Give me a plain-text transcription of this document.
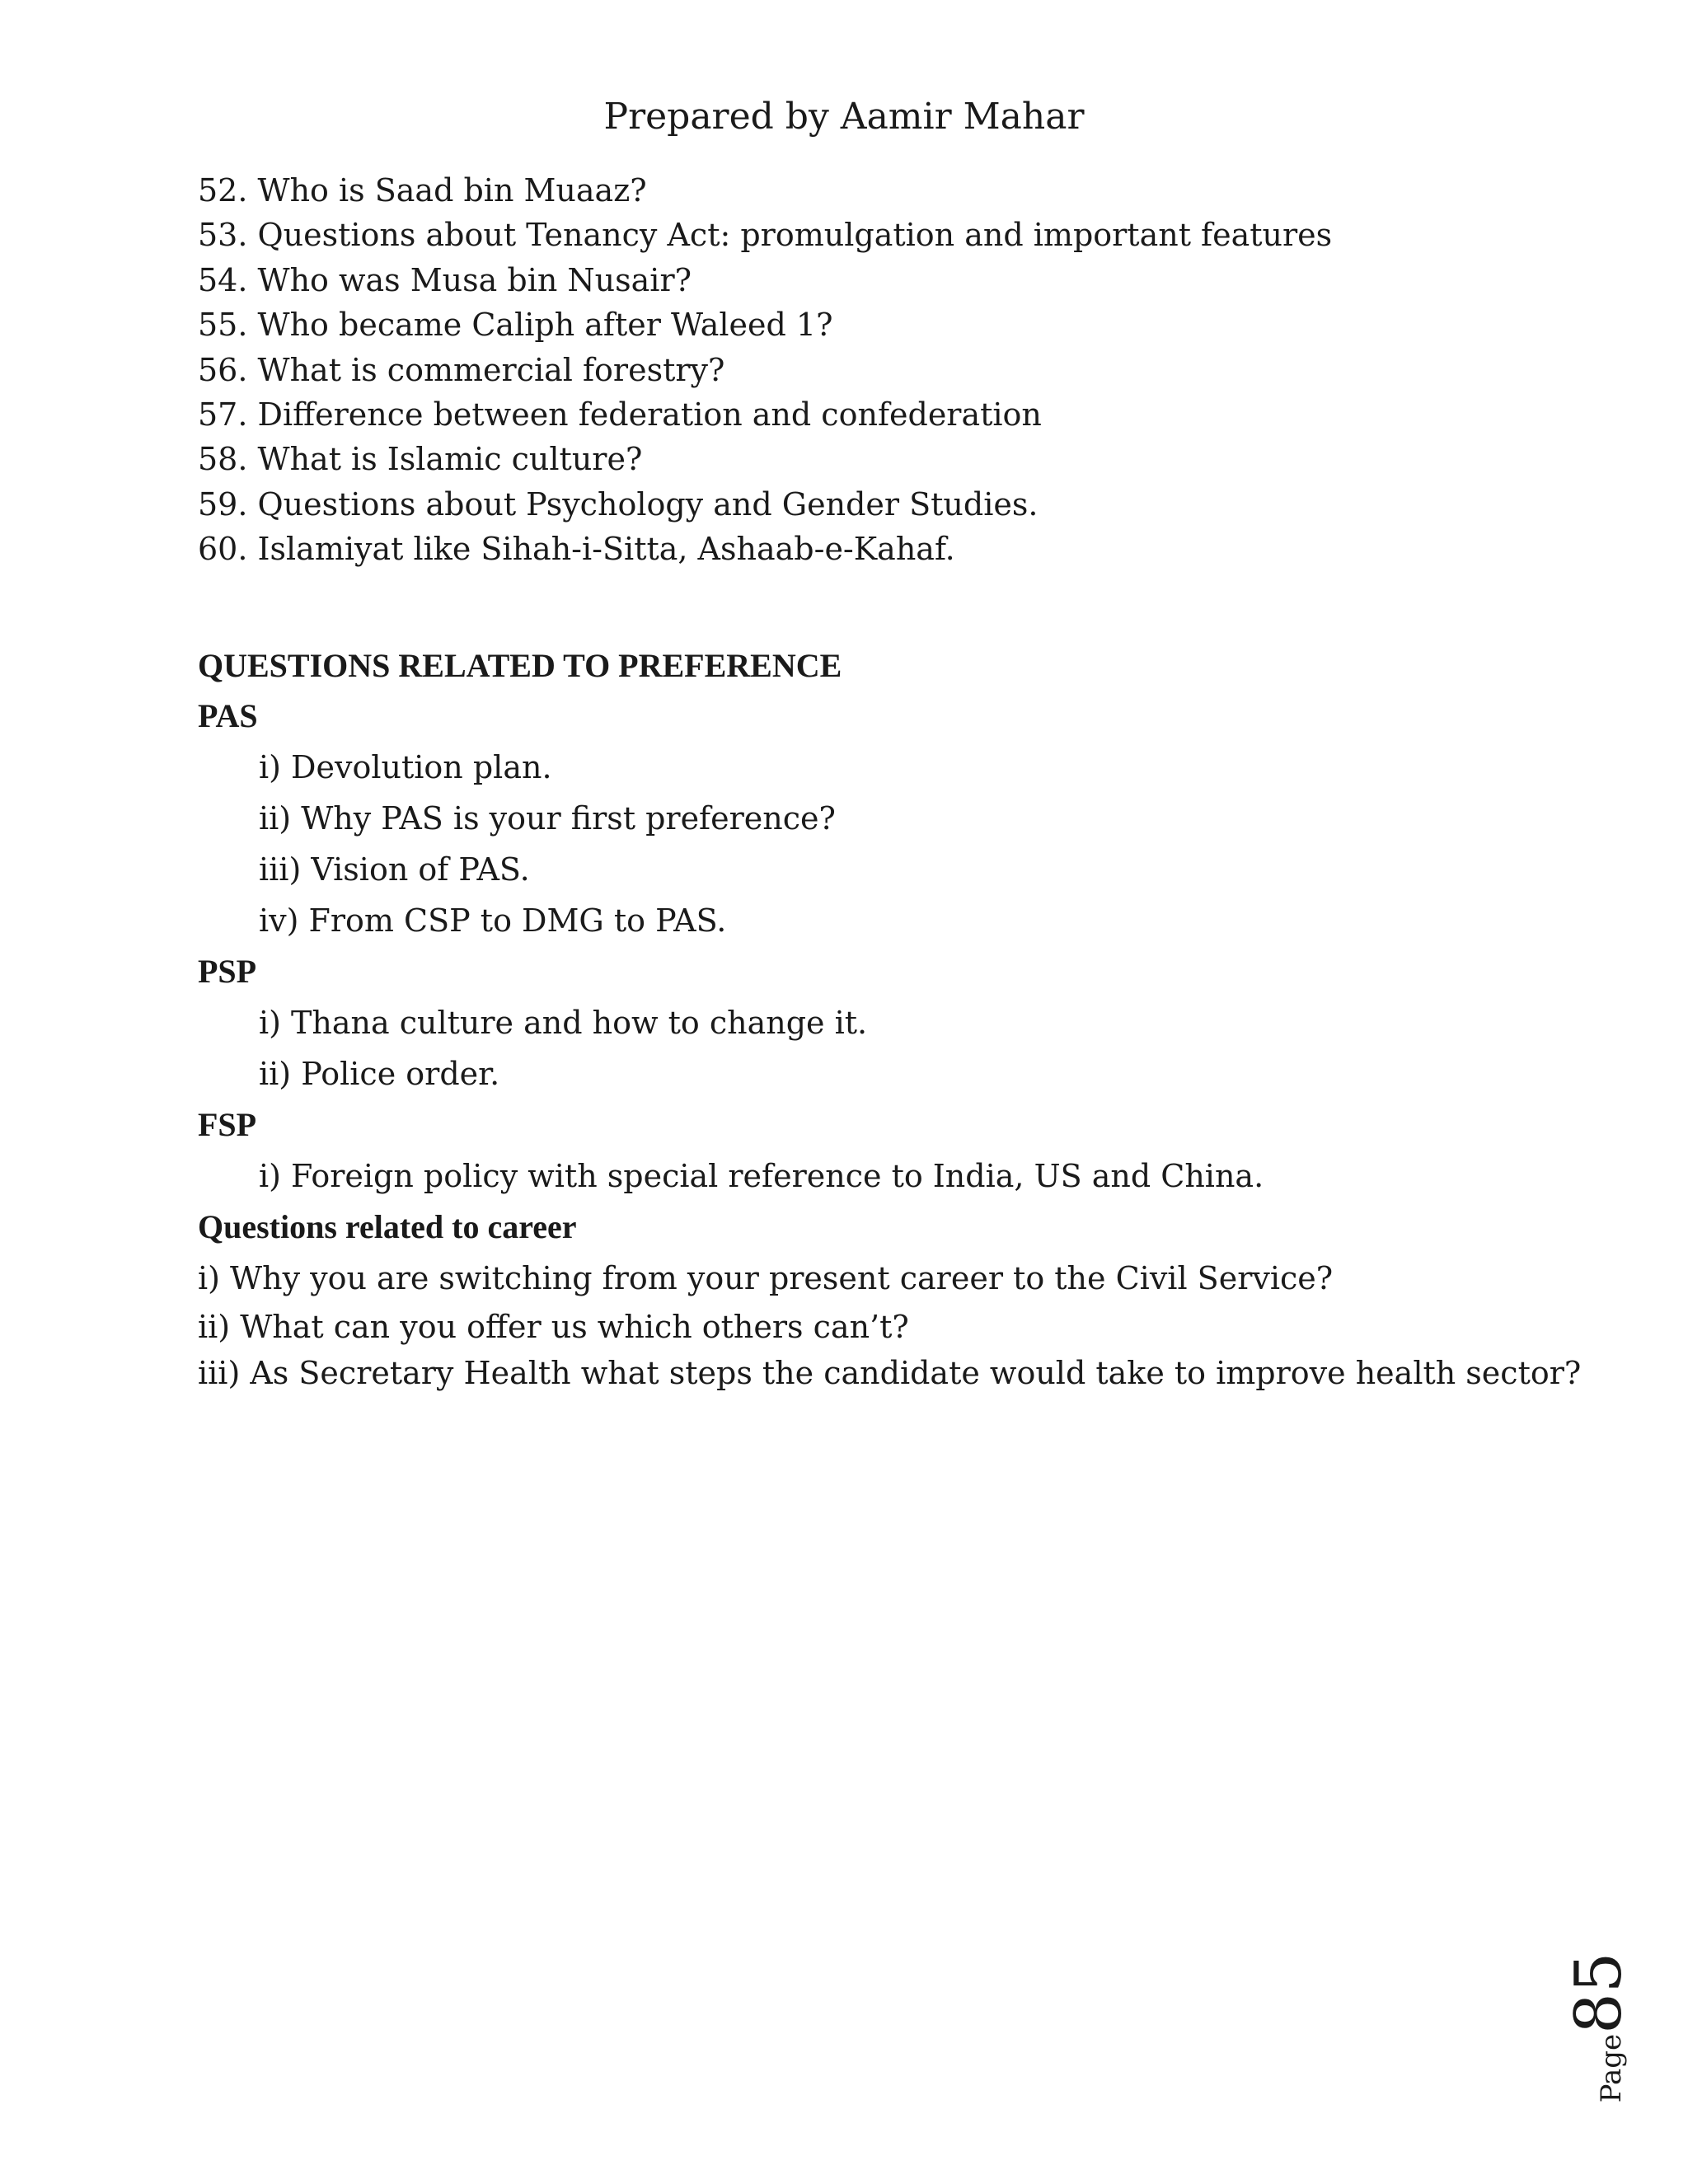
Prepared by Aamir Mahar

52. Who is Saad bin Muaaz?

53. Questions about Tenancy Act: promulgation and important features

54. Who was Musa bin Nusair?

55. Who became Caliph after Waleed 1?

56. What is commercial forestry?

57. Difference between federation and confederation

58. What is Islamic culture?

59. Questions about Psychology and Gender Studies.

60. Islamiyat like Sihah-i-Sitta, Ashaab-e-Kahaf.

QUESTIONS RELATED TO PREFERENCE
PAS

i) Devolution plan.

ii) Why PAS is your first preference?

iii) Vision of PAS.

iv) From CSP to DMG to PAS.

PSP

i) Thana culture and how to change it.

ii) Police order.

FSP

i) Foreign policy with special reference to India, US and China.

Questions related to career

i) Why you are switching from your present career to the Civil Service?

ii) What can you offer us which others can’t?

iii) As Secretary Health what steps the candidate would take to improve health sector?

Page85
